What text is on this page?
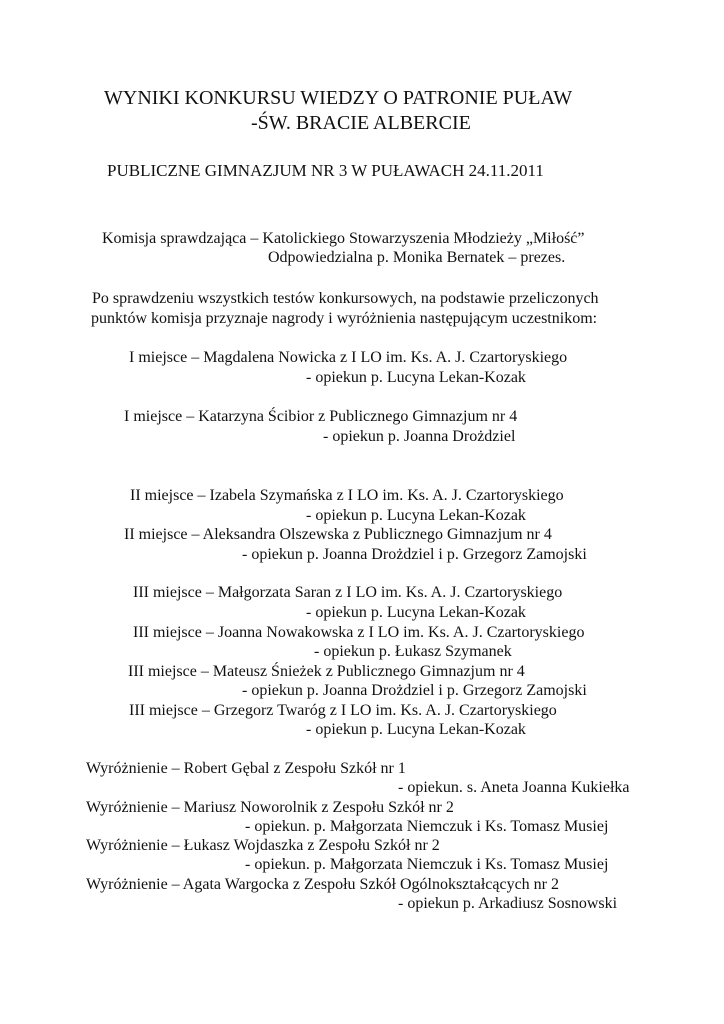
WYNIKI KONKURSU WIEDZY O PATRONIE PUŁAW
-ŚW. BRACIE ALBERCIE
PUBLICZNE GIMNAZJUM NR 3 W PUŁAWACH 24.11.2011

Komisja sprawdzająca – Katolickiego Stowarzyszenia Młodzieży „Miłość”

Odpowiedzialna p. Monika Bernatek – prezes.

Po sprawdzeniu wszystkich testów konkursowych, na podstawie przeliczonych

punktów komisja przyznaje nagrody i wyróżnienia następującym uczestnikom:

I miejsce – Magdalena Nowicka z I LO im. Ks. A. J. Czartoryskiego

- opiekun p. Lucyna Lekan-Kozak

I miejsce – Katarzyna Ścibior z Publicznego Gimnazjum nr 4

- opiekun p. Joanna Drożdziel

II miejsce – Izabela Szymańska z I LO im. Ks. A. J. Czartoryskiego

- opiekun p. Lucyna Lekan-Kozak

II miejsce – Aleksandra Olszewska z Publicznego Gimnazjum nr 4

- opiekun p. Joanna Drożdziel i p. Grzegorz Zamojski

III miejsce – Małgorzata Saran z I LO im. Ks. A. J. Czartoryskiego

- opiekun p. Lucyna Lekan-Kozak

III miejsce – Joanna Nowakowska z I LO im. Ks. A. J. Czartoryskiego

- opiekun p. Łukasz Szymanek

III miejsce – Mateusz Śnieżek z Publicznego Gimnazjum nr 4

- opiekun p. Joanna Drożdziel i p. Grzegorz Zamojski

III miejsce – Grzegorz Twaróg z I LO im. Ks. A. J. Czartoryskiego

- opiekun p. Lucyna Lekan-Kozak

Wyróżnienie – Robert Gębal z Zespołu Szkół nr 1

- opiekun. s. Aneta Joanna Kukiełka

Wyróżnienie – Mariusz Noworolnik z Zespołu Szkół nr 2

- opiekun. p. Małgorzata Niemczuk i Ks. Tomasz Musiej

Wyróżnienie – Łukasz Wojdaszka z Zespołu Szkół nr 2

- opiekun. p. Małgorzata Niemczuk i Ks. Tomasz Musiej

Wyróżnienie – Agata Wargocka z Zespołu Szkół Ogólnokształcących nr 2

- opiekun p. Arkadiusz Sosnowski
